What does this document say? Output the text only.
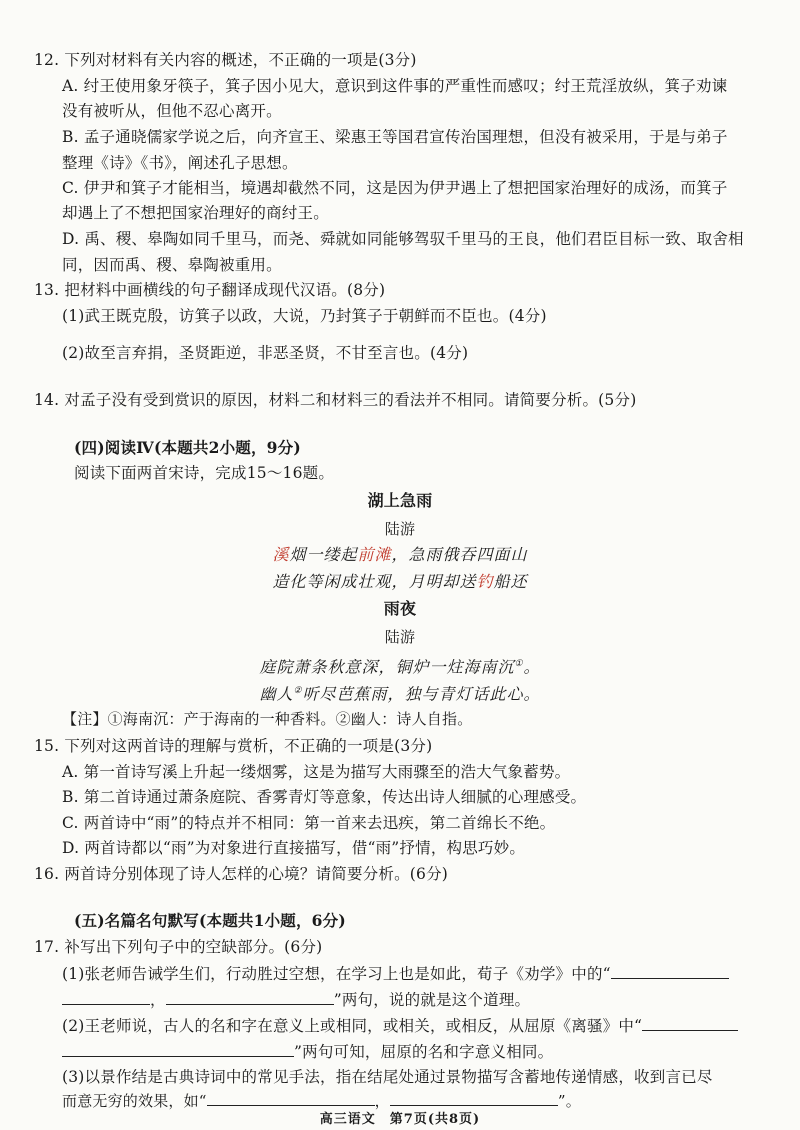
12. 下列对材料有关内容的概述，不正确的一项是(3分)
A. 纣王使用象牙筷子，箕子因小见大，意识到这件事的严重性而感叹；纣王荒淫放纵，箕子劝谏
没有被听从，但他不忍心离开。
B. 孟子通晓儒家学说之后，向齐宣王、梁惠王等国君宣传治国理想，但没有被采用，于是与弟子
整理《诗》《书》，阐述孔子思想。
C. 伊尹和箕子才能相当，境遇却截然不同，这是因为伊尹遇上了想把国家治理好的成汤，而箕子
却遇上了不想把国家治理好的商纣王。
D. 禹、稷、皋陶如同千里马，而尧、舜就如同能够驾驭千里马的王良，他们君臣目标一致、取舍相
同，因而禹、稷、皋陶被重用。
13. 把材料中画横线的句子翻译成现代汉语。(8分)
(1)武王既克殷，访箕子以政，大说，乃封箕子于朝鲜而不臣也。(4分)
(2)故至言弃捐，圣贤距逆，非恶圣贤，不甘至言也。(4分)
14. 对孟子没有受到赏识的原因，材料二和材料三的看法并不相同。请简要分析。(5分)
(四)阅读Ⅳ(本题共2小题，9分)
阅读下面两首宋诗，完成15～16题。
湖上急雨
陆游
溪烟一缕起前滩，急雨俄吞四面山
造化等闲成壮观，月明却送钓船还
雨夜
陆游
庭院萧条秋意深，铜炉一炷海南沉①。
幽人②听尽芭蕉雨，独与青灯话此心。
【注】①海南沉：产于海南的一种香料。②幽人：诗人自指。
15. 下列对这两首诗的理解与赏析，不正确的一项是(3分)
A. 第一首诗写溪上升起一缕烟雾，这是为描写大雨骤至的浩大气象蓄势。
B. 第二首诗通过萧条庭院、香雾青灯等意象，传达出诗人细腻的心理感受。
C. 两首诗中“雨”的特点并不相同：第一首来去迅疾，第二首绵长不绝。
D. 两首诗都以“雨”为对象进行直接描写，借“雨”抒情，构思巧妙。
16. 两首诗分别体现了诗人怎样的心境？请简要分析。(6分)
(五)名篇名句默写(本题共1小题，6分)
17. 补写出下列句子中的空缺部分。(6分)
(1)张老师告诫学生们，行动胜过空想，在学习上也是如此，荀子《劝学》中的“
，	”两句，说的就是这个道理。
(2)王老师说，古人的名和字在意义上或相同，或相关，或相反，从屈原《离骚》中“
”两句可知，屈原的名和字意义相同。
(3)以景作结是古典诗词中的常见手法，指在结尾处通过景物描写含蓄地传递情感，收到言已尽
而意无穷的效果，如“	，	”。
高三语文　第7页(共8页)
